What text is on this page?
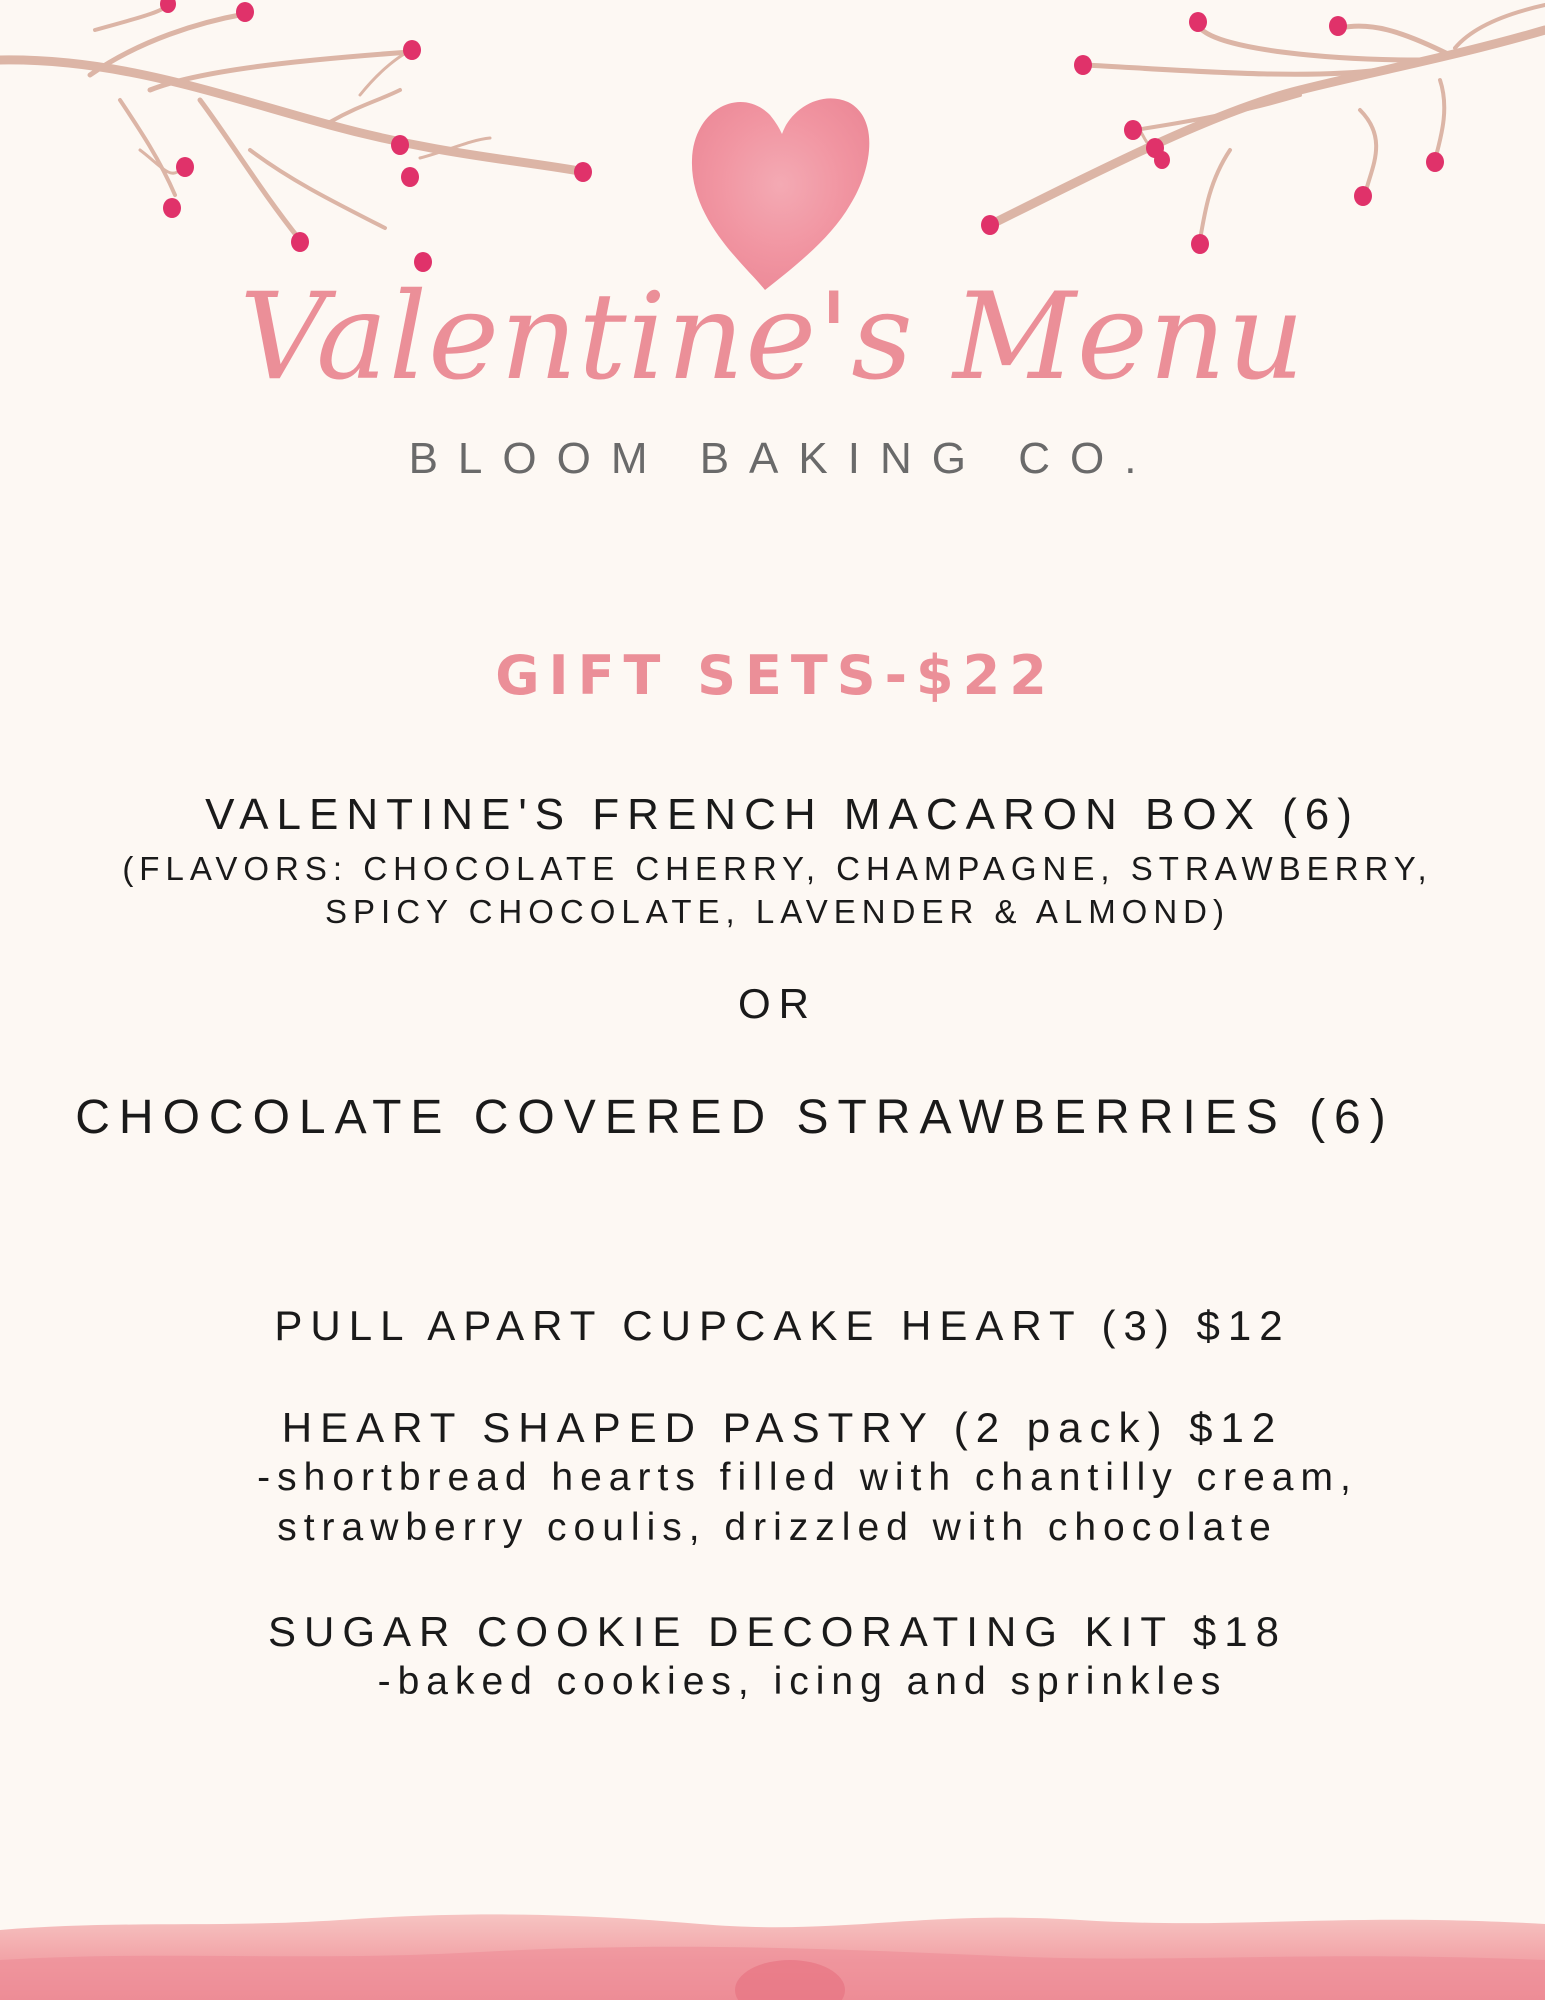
Valentine's Menu
BLOOM BAKING CO.
GIFT SETS-$22
VALENTINE'S FRENCH MACARON BOX (6)
(FLAVORS: CHOCOLATE CHERRY, CHAMPAGNE, STRAWBERRY,
SPICY CHOCOLATE, LAVENDER & ALMOND)
OR
CHOCOLATE COVERED STRAWBERRIES (6)
PULL APART CUPCAKE HEART (3) $12
HEART SHAPED PASTRY (2 pack) $12
-shortbread hearts filled with chantilly cream,
strawberry coulis, drizzled with chocolate
SUGAR COOKIE DECORATING KIT $18
-baked cookies, icing and sprinkles
